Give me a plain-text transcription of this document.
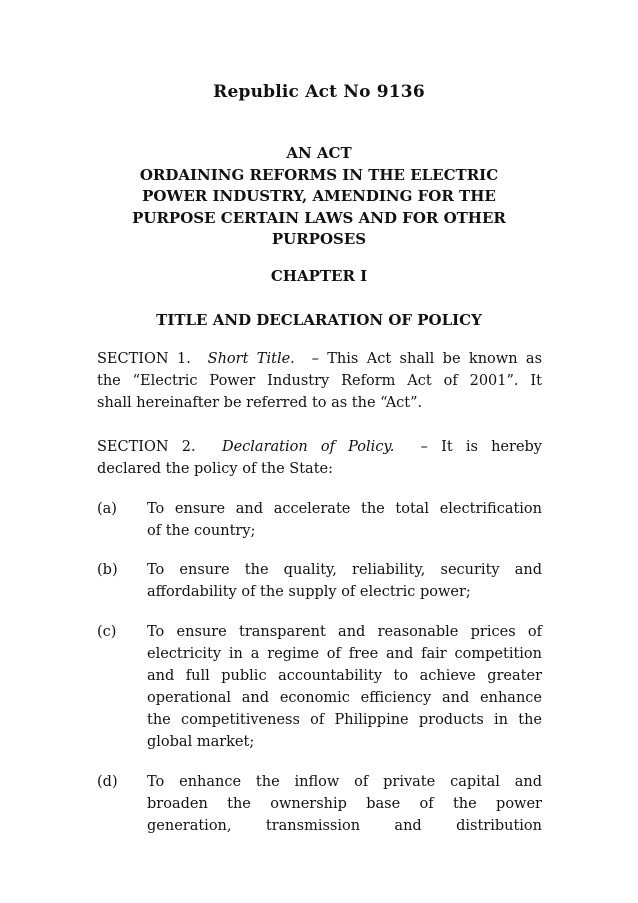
Republic Act No 9136
AN ACT
ORDAINING REFORMS IN THE ELECTRIC
POWER INDUSTRY, AMENDING FOR THE
PURPOSE CERTAIN LAWS AND FOR OTHER
PURPOSES
CHAPTER I
TITLE AND DECLARATION OF POLICY
SECTION 1. Short Title. – This Act shall be known as
the “Electric Power Industry Reform Act of 2001”. It
shall hereinafter be referred to as the “Act”.
SECTION 2. Declaration of Policy. – It is hereby
declared the policy of the State:
(a) To ensure and accelerate the total electrification
of the country;
(b) To ensure the quality, reliability, security and
affordability of the supply of electric power;
(c) To ensure transparent and reasonable prices of
electricity in a regime of free and fair competition
and full public accountability to achieve greater
operational and economic efficiency and enhance
the competitiveness of Philippine products in the
global market;
(d) To enhance the inflow of private capital and
broaden the ownership base of the power
generation, transmission and distribution
